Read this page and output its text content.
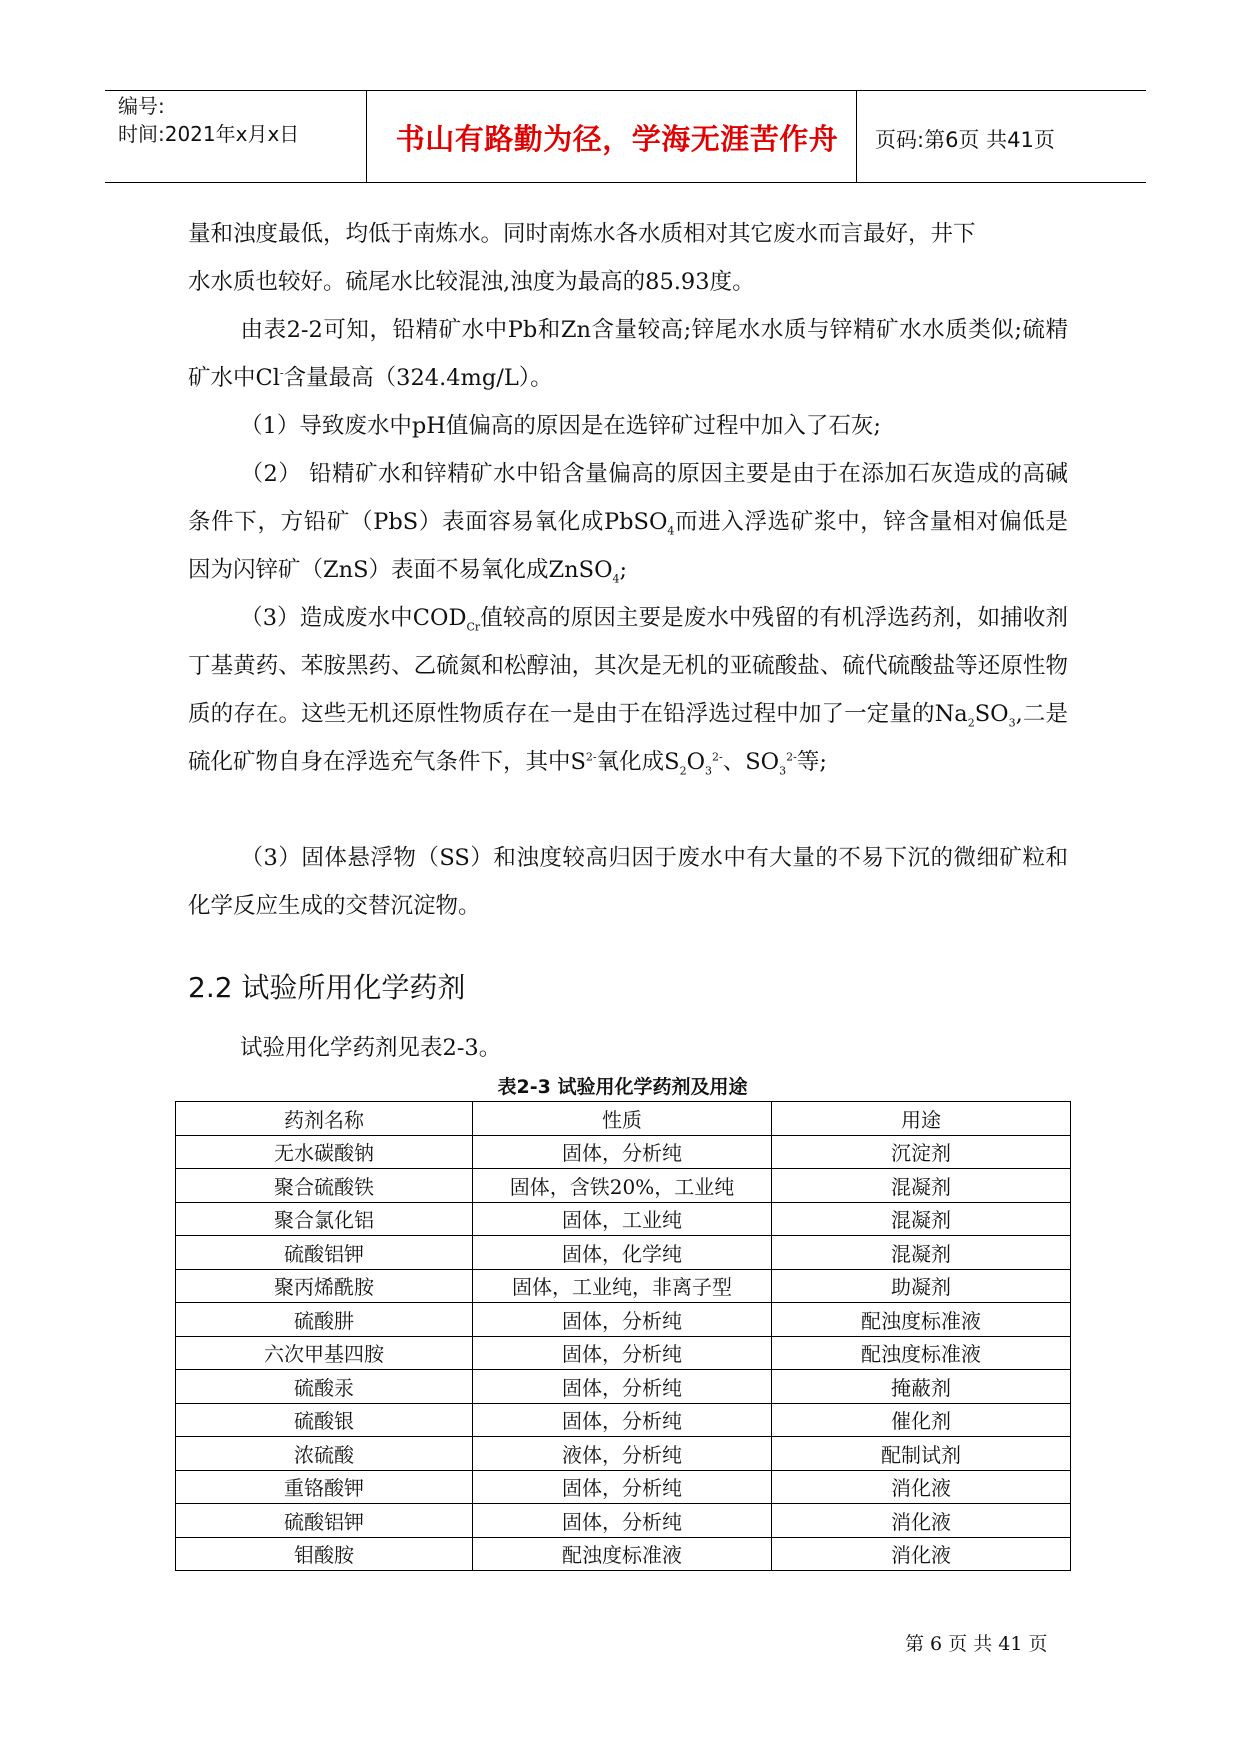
编号:
时间:2021年x月x日	书山有路勤为径，学海无涯苦作舟	页码:第6页 共41页
量和浊度最低，均低于南炼水。同时南炼水各水质相对其它废水而言最好，井下
水水质也较好。硫尾水比较混浊,浊度为最高的85.93度。

由表2-2可知，铅精矿水中Pb和Zn含量较高;锌尾水水质与锌精矿水水质类似;硫精矿水中Cl-含量最高（324.4mg/L）。

（1）导致废水中pH值偏高的原因是在选锌矿过程中加入了石灰;

（2） 铅精矿水和锌精矿水中铅含量偏高的原因主要是由于在添加石灰造成的高碱条件下，方铅矿（PbS）表面容易氧化成PbSO$_4$而进入浮选矿浆中，锌含量相对偏低是因为闪锌矿（ZnS）表面不易氧化成ZnSO$_4$;

（3）造成废水中$COD_{Cr}$值较高的原因主要是废水中残留的有机浮选药剂，如捕收剂丁基黄药、苯胺黑药、乙硫氮和松醇油，其次是无机的亚硫酸盐、硫代硫酸盐等还原性物质的存在。这些无机还原性物质存在一是由于在铅浮选过程中加了一定量的$Na_2SO_3$,二是硫化矿物自身在浮选充气条件下，其中$S^{2-}$氧化成$S_2O_3^{2-}$、$SO_3^{2-}$等;

（3）固体悬浮物（SS）和浊度较高归因于废水中有大量的不易下沉的微细矿粒和化学反应生成的交替沉淀物。

2.2 试验所用化学药剂
试验用化学药剂见表2-3。
表2-3 试验用化学药剂及用途
药剂名称	性质	用途
无水碳酸钠	固体，分析纯	沉淀剂
聚合硫酸铁	固体，含铁20%，工业纯	混凝剂
聚合氯化铝	固体，工业纯	混凝剂
硫酸铝钾	固体，化学纯	混凝剂
聚丙烯酰胺	固体，工业纯，非离子型	助凝剂
硫酸肼	固体，分析纯	配浊度标准液
六次甲基四胺	固体，分析纯	配浊度标准液
硫酸汞	固体，分析纯	掩蔽剂
硫酸银	固体，分析纯	催化剂
浓硫酸	液体，分析纯	配制试剂
重铬酸钾	固体，分析纯	消化液
硫酸铝钾	固体，分析纯	消化液
钼酸胺	配浊度标准液	消化液
第 6 页 共 41 页
